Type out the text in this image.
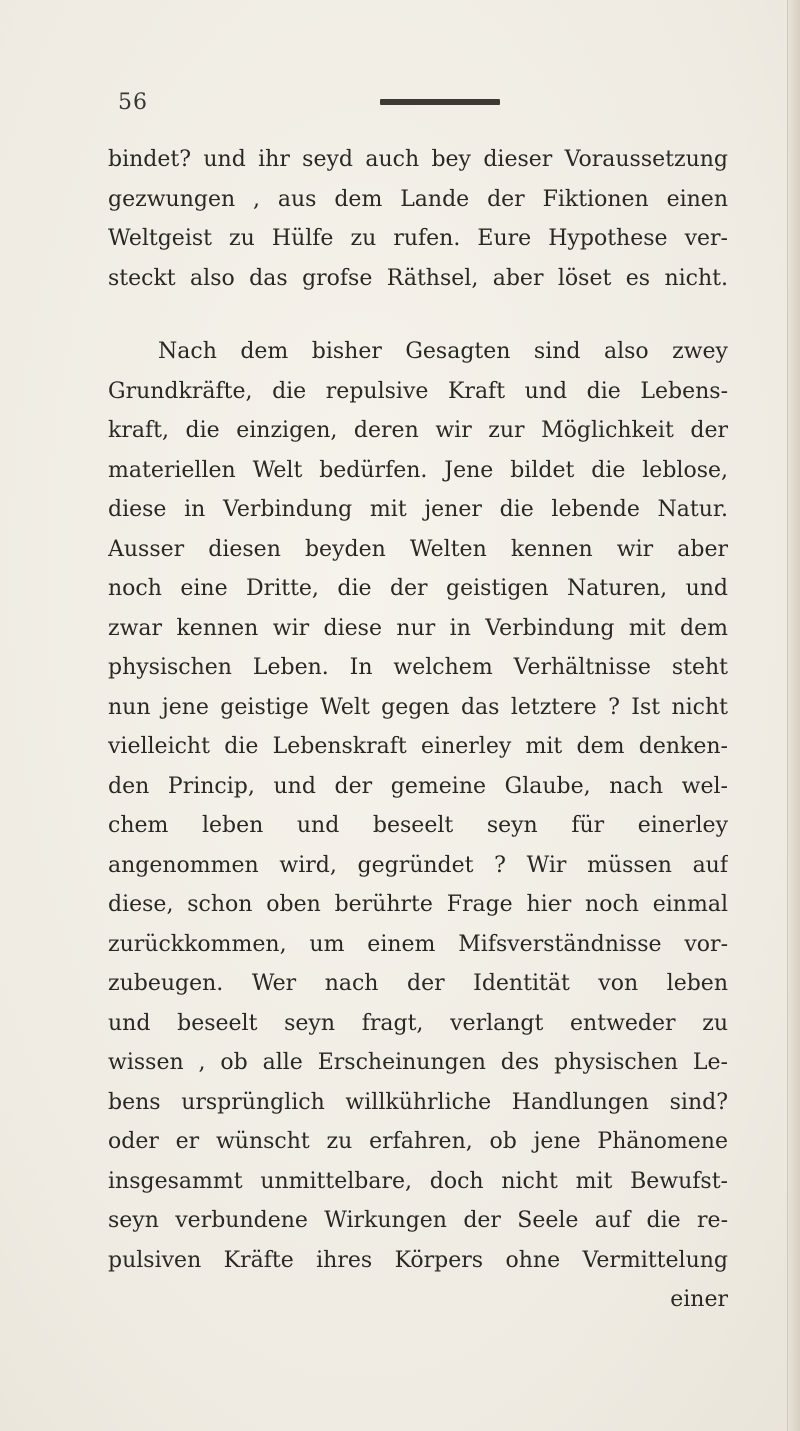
56
bindet? und ihr seyd auch bey dieser Voraussetzung
gezwungen , aus dem Lande der Fiktionen einen
Weltgeist zu Hülfe zu rufen. Eure Hypothese ver-
steckt also das grofse Räthsel, aber löset es nicht.
Nach dem bisher Gesagten sind also zwey
Grundkräfte, die repulsive Kraft und die Lebens-
kraft, die einzigen, deren wir zur Möglichkeit der
materiellen Welt bedürfen. Jene bildet die leblose,
diese in Verbindung mit jener die lebende Natur.
Ausser diesen beyden Welten kennen wir aber
noch eine Dritte, die der geistigen Naturen, und
zwar kennen wir diese nur in Verbindung mit dem
physischen Leben. In welchem Verhältnisse steht
nun jene geistige Welt gegen das letztere ? Ist nicht
vielleicht die Lebenskraft einerley mit dem denken-
den Princip, und der gemeine Glaube, nach wel-
chem leben und beseelt seyn für einerley
angenommen wird, gegründet ? Wir müssen auf
diese, schon oben berührte Frage hier noch einmal
zurückkommen, um einem Mifsverständnisse vor-
zubeugen. Wer nach der Identität von leben
und beseelt seyn fragt, verlangt entweder zu
wissen , ob alle Erscheinungen des physischen Le-
bens ursprünglich willkührliche Handlungen sind?
oder er wünscht zu erfahren, ob jene Phänomene
insgesammt unmittelbare, doch nicht mit Bewufst-
seyn verbundene Wirkungen der Seele auf die re-
pulsiven Kräfte ihres Körpers ohne Vermittelung
einer
